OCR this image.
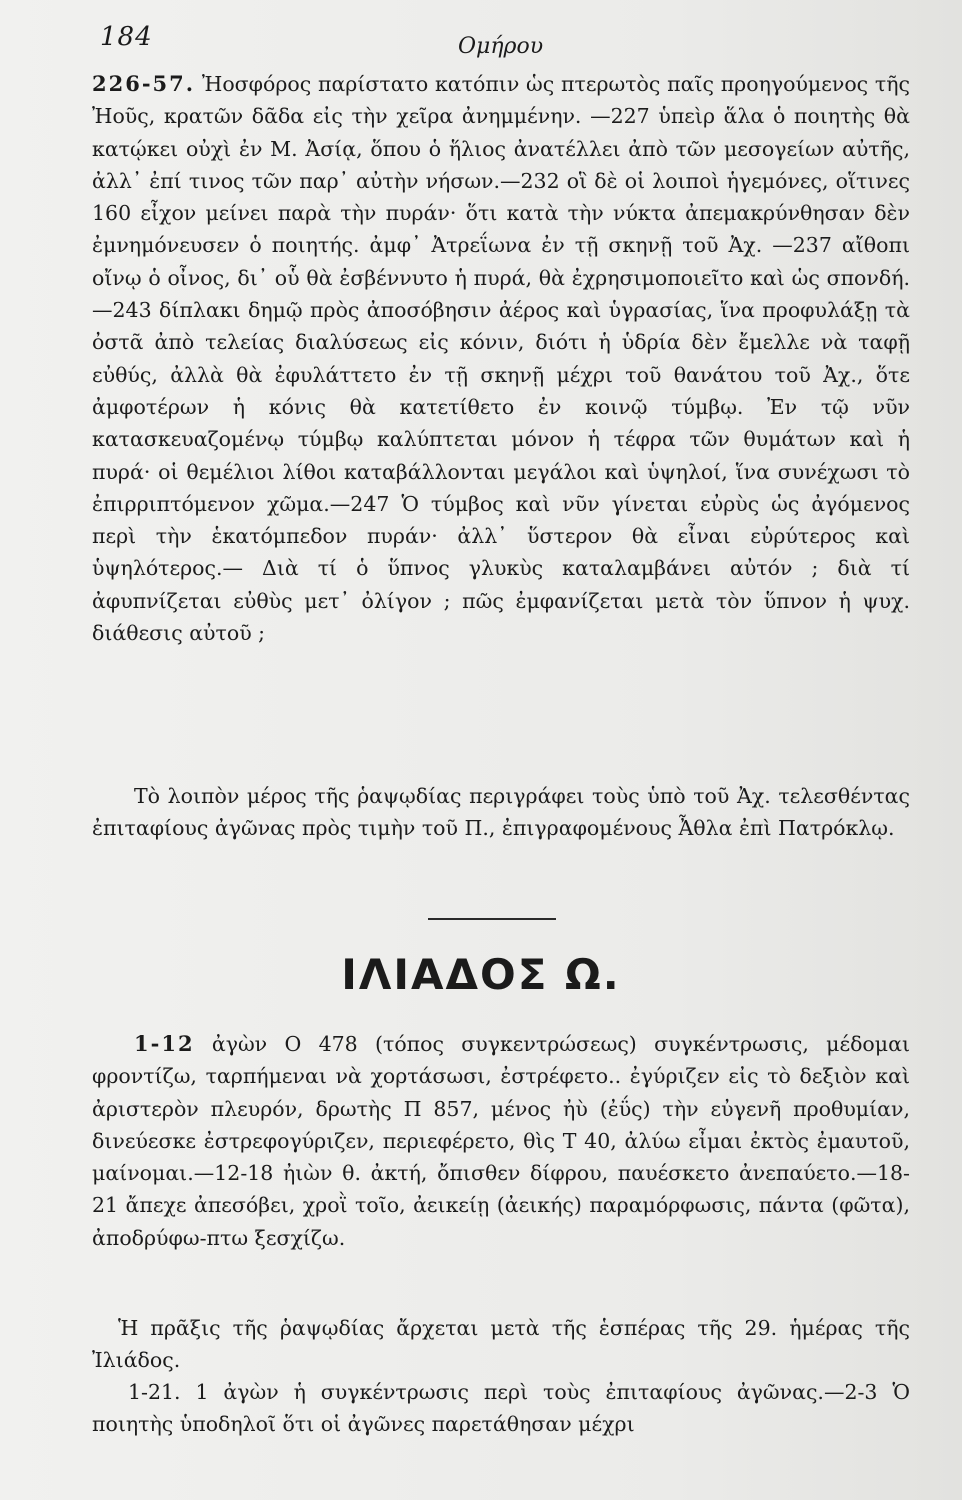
184	Ομήρου
226-57. Ἠοσφόρος παρίστατο κατόπιν ὡς πτερωτὸς παῖς προηγούμενος τῆς Ἠοῦς, κρατῶν δᾶδα εἰς τὴν χεῖρα ἀνημμένην. —227 ὑπεὶρ ἅλα ὁ ποιητὴς θὰ κατῴκει οὐχὶ ἐν Μ. Ἀσίᾳ, ὅπου ὁ ἥλιος ἀνατέλλει ἀπὸ τῶν μεσογείων αὐτῆς, ἀλλ᾽ ἐπί τινος τῶν παρ᾽ αὐτὴν νήσων.—232 οἳ δὲ οἱ λοιποὶ ἡγεμόνες, οἵτινες 160 εἶχον μείνει παρὰ τὴν πυράν· ὅτι κατὰ τὴν νύκτα ἀπεμακρύνθησαν δὲν ἐμνημόνευσεν ὁ ποιητής. ἀμφ᾽ Ἀτρεΐωνα ἐν τῇ σκηνῇ τοῦ Ἀχ. —237 αἴθοπι οἴνῳ ὁ οἶνος, δι᾽ οὗ θὰ ἐσβέννυτο ἡ πυρά, θὰ ἐχρησιμοποιεῖτο καὶ ὡς σπονδή.—243 δίπλακι δημῷ πρὸς ἀποσόβησιν ἀέρος καὶ ὑγρασίας, ἵνα προφυλάξῃ τὰ ὀστᾶ ἀπὸ τελείας διαλύσεως εἰς κόνιν, διότι ἡ ὑδρία δὲν ἔμελλε νὰ ταφῇ εὐθύς, ἀλλὰ θὰ ἐφυλάττετο ἐν τῇ σκηνῇ μέχρι τοῦ θανάτου τοῦ Ἀχ., ὅτε ἀμφοτέρων ἡ κόνις θὰ κατετίθετο ἐν κοινῷ τύμβῳ. Ἐν τῷ νῦν κατασκευαζομένῳ τύμβῳ καλύπτεται μόνον ἡ τέφρα τῶν θυμάτων καὶ ἡ πυρά· οἱ θεμέλιοι λίθοι καταβάλλονται μεγάλοι καὶ ὑψηλοί, ἵνα συνέχωσι τὸ ἐπιρριπτόμενον χῶμα.—247 Ὁ τύμβος καὶ νῦν γίνεται εὐρὺς ὡς ἀγόμενος περὶ τὴν ἑκατόμπεδον πυράν· ἀλλ᾽ ὕστερον θὰ εἶναι εὐρύτερος καὶ ὑψηλότερος.— Διὰ τί ὁ ὕπνος γλυκὺς καταλαμβάνει αὐτόν ; διὰ τί ἀφυπνίζεται εὐθὺς μετ᾽ ὀλίγον ; πῶς ἐμφανίζεται μετὰ τὸν ὕπνον ἡ ψυχ. διάθεσις αὐτοῦ ;
Τὸ λοιπὸν μέρος τῆς ῥαψῳδίας περιγράφει τοὺς ὑπὸ τοῦ Ἀχ. τελεσθέντας ἐπιταφίους ἀγῶνας πρὸς τιμὴν τοῦ Π., ἐπιγραφομένους Ἆθλα ἐπὶ Πατρόκλῳ.
ΙΛΙΑΔΟΣ Ω.
1-12 ἀγὼν Ο 478 (τόπος συγκεντρώσεως) συγκέντρωσις, μέδομαι φροντίζω, ταρπήμεναι νὰ χορτάσωσι, ἐστρέφετο.. ἐγύριζεν εἰς τὸ δεξιὸν καὶ ἀριστερὸν πλευρόν, δρωτὴς Π 857, μένος ἠὺ (ἐΰς) τὴν εὐγενῆ προθυμίαν, δινεύεσκε ἐστρεφογύριζεν, περιεφέρετο, θὶς Τ 40, ἀλύω εἶμαι ἐκτὸς ἐμαυτοῦ, μαίνομαι.—12-18 ἠιὼν θ. ἀκτή, ὄπισθεν δίφρου, παυέσκετο ἀνεπαύετο.—18-21 ἄπεχε ἀπεσόβει, χροῒ τοῖο, ἀεικείῃ (ἀεικής) παραμόρφωσις, πάντα (φῶτα), ἀποδρύφω-πτω ξεσχίζω.
Ἡ πρᾶξις τῆς ῥαψῳδίας ἄρχεται μετὰ τῆς ἑσπέρας τῆς 29. ἡμέρας τῆς Ἰλιάδος.
1-21. 1 ἀγὼν ἡ συγκέντρωσις περὶ τοὺς ἐπιταφίους ἀγῶνας.—2-3 Ὁ ποιητὴς ὑποδηλοῖ ὅτι οἱ ἀγῶνες παρετάθησαν μέχρι
